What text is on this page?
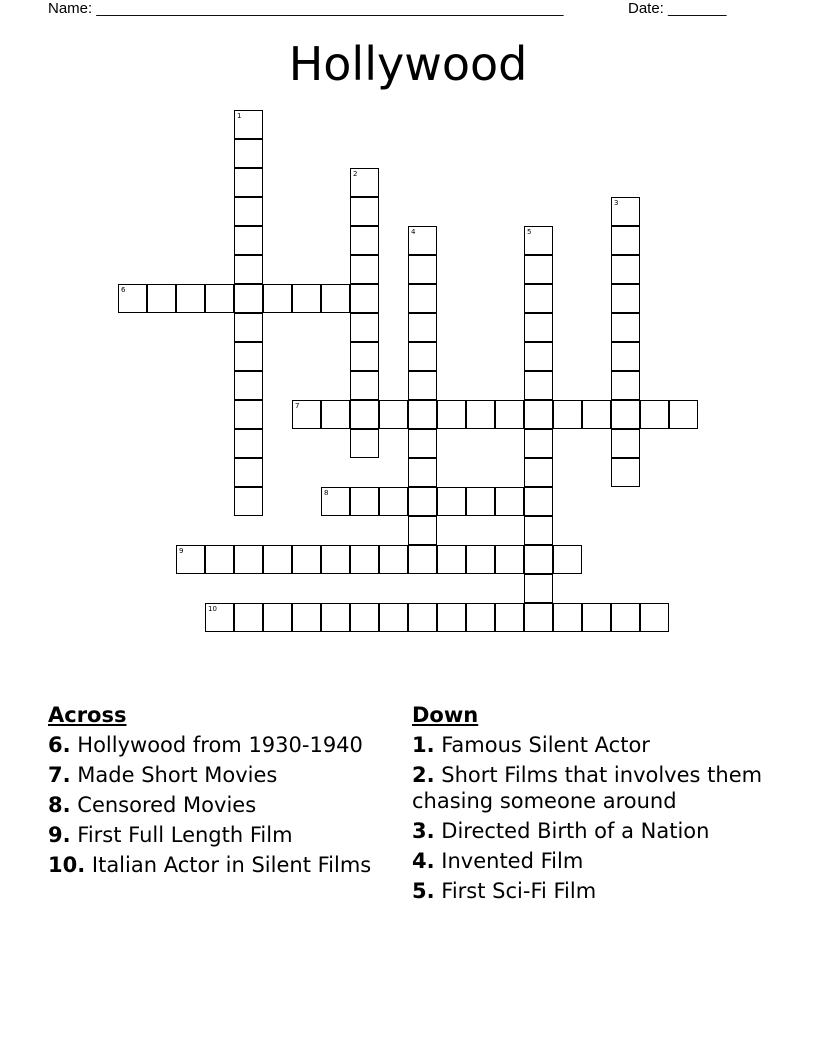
Name: ________________________________________________________	Date: _______
Hollywood
1
2
3
4	5
6
7
8
9
10
Across
6. Hollywood from 1930-1940
7. Made Short Movies
8. Censored Movies
9. First Full Length Film
10. Italian Actor in Silent Films
Down
1. Famous Silent Actor
2. Short Films that involves them chasing someone around
3. Directed Birth of a Nation
4. Invented Film
5. First Sci-Fi Film
